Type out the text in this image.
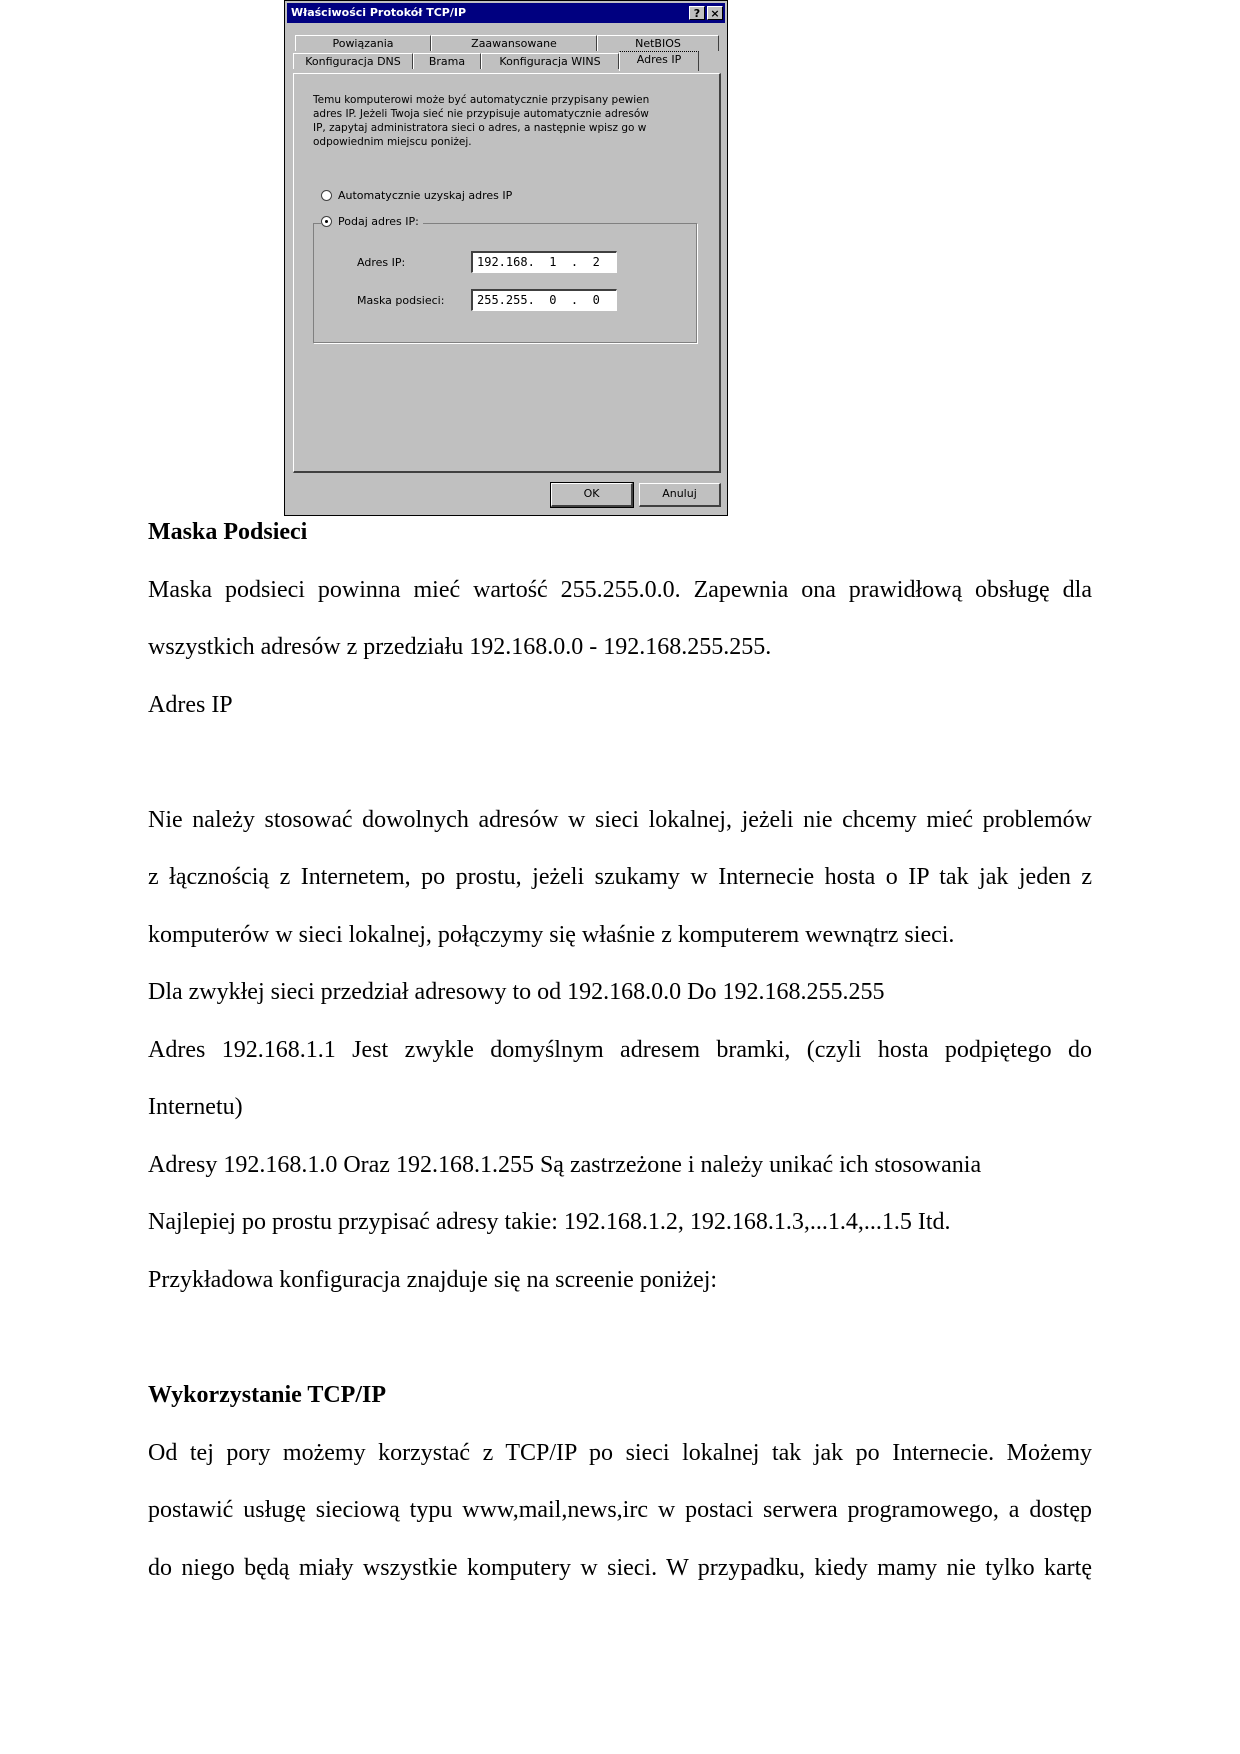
Właściwości Protokół TCP/IP	? ×
Powiązania	Zaawansowane	NetBIOS
Konfiguracja DNS	Brama	Konfiguracja WINS	Adres IP
Temu komputerowi może być automatycznie przypisany pewien adres IP. Jeżeli Twoja sieć nie przypisuje automatycznie adresów IP, zapytaj administratora sieci o adres, a następnie wpisz go w odpowiednim miejscu poniżej.
Automatycznie uzyskaj adres IP
Podaj adres IP:
Adres IP:	192.168.  1  .  2
Maska podsieci:	255.255.  0  .  0
OK	Anuluj
Maska Podsieci
Maska podsieci powinna mieć wartość 255.255.0.0. Zapewnia ona prawidłową obsługę dla
wszystkich adresów z przedziału 192.168.0.0 - 192.168.255.255.
Adres IP
Nie należy stosować dowolnych adresów w sieci lokalnej, jeżeli nie chcemy mieć problemów
z łącznością z Internetem, po prostu, jeżeli szukamy w Internecie hosta o IP tak jak jeden z
komputerów w sieci lokalnej, połączymy się właśnie z komputerem wewnątrz sieci.
Dla zwykłej sieci przedział adresowy to od 192.168.0.0 Do 192.168.255.255
Adres 192.168.1.1 Jest zwykle domyślnym adresem bramki, (czyli hosta podpiętego do
Internetu)
Adresy 192.168.1.0 Oraz 192.168.1.255 Są zastrzeżone i należy unikać ich stosowania
Najlepiej po prostu przypisać adresy takie: 192.168.1.2, 192.168.1.3,...1.4,...1.5 Itd.
Przykładowa konfiguracja znajduje się na screenie poniżej:
Wykorzystanie TCP/IP
Od tej pory możemy korzystać z TCP/IP po sieci lokalnej tak jak po Internecie. Możemy
postawić usługę sieciową typu www,mail,news,irc w postaci serwera programowego, a dostęp
do niego będą miały wszystkie komputery w sieci. W przypadku, kiedy mamy nie tylko kartę
